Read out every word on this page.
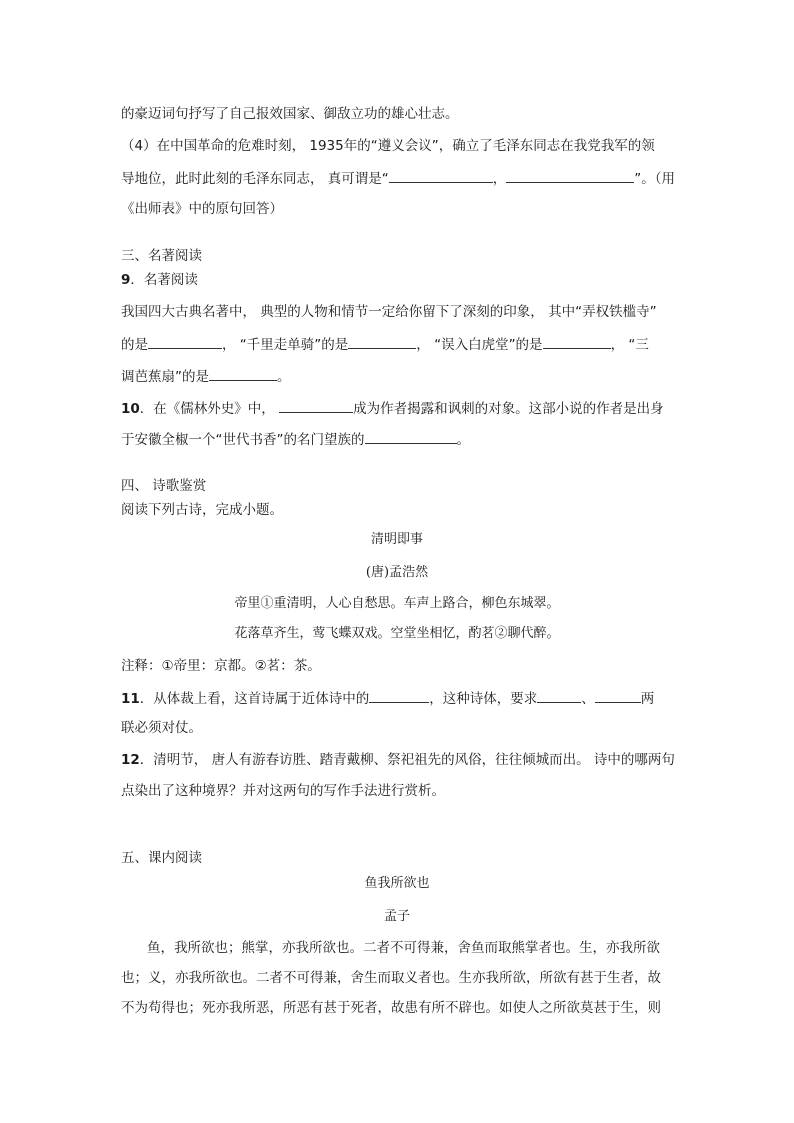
的豪迈词句抒写了自己报效国家、御敌立功的雄心壮志。
（4）在中国革命的危难时刻， 1935年的“遵义会议”，确立了毛泽东同志在我党我军的领
导地位，此时此刻的毛泽东同志， 真可谓是“	，	”。（用
《出师表》中的原句回答）
三、名著阅读
9．名著阅读
我国四大古典名著中， 典型的人物和情节一定给你留下了深刻的印象， 其中“弄权铁槛寺”
的是	， “千里走单骑”的是	， “误入白虎堂”的是	， “三
调芭蕉扇”的是	。
10．在《儒林外史》中，	成为作者揭露和讽刺的对象。这部小说的作者是出身
于安徽全椒一个“世代书香”的名门望族的	。
四、 诗歌鉴赏
阅读下列古诗，完成小题。
清明即事
(唐)孟浩然
帝里①重清明，人心自愁思。车声上路合，柳色东城翠。
花落草齐生，莺飞蝶双戏。空堂坐相忆，酌茗②聊代醉。
注释：①帝里：京都。②茗：茶。
11．从体裁上看，这首诗属于近体诗中的	，这种诗体，要求	、	两
联必须对仗。
12．清明节， 唐人有游春访胜、踏青戴柳、祭祀祖先的风俗，往往倾城而出。 诗中的哪两句
点染出了这种境界？并对这两句的写作手法进行赏析。
五、课内阅读
鱼我所欲也
孟子
鱼，我所欲也；熊掌，亦我所欲也。二者不可得兼，舍鱼而取熊掌者也。生，亦我所欲
也；义，亦我所欲也。二者不可得兼，舍生而取义者也。生亦我所欲，所欲有甚于生者，故
不为苟得也；死亦我所恶，所恶有甚于死者，故患有所不辟也。如使人之所欲莫甚于生，则
